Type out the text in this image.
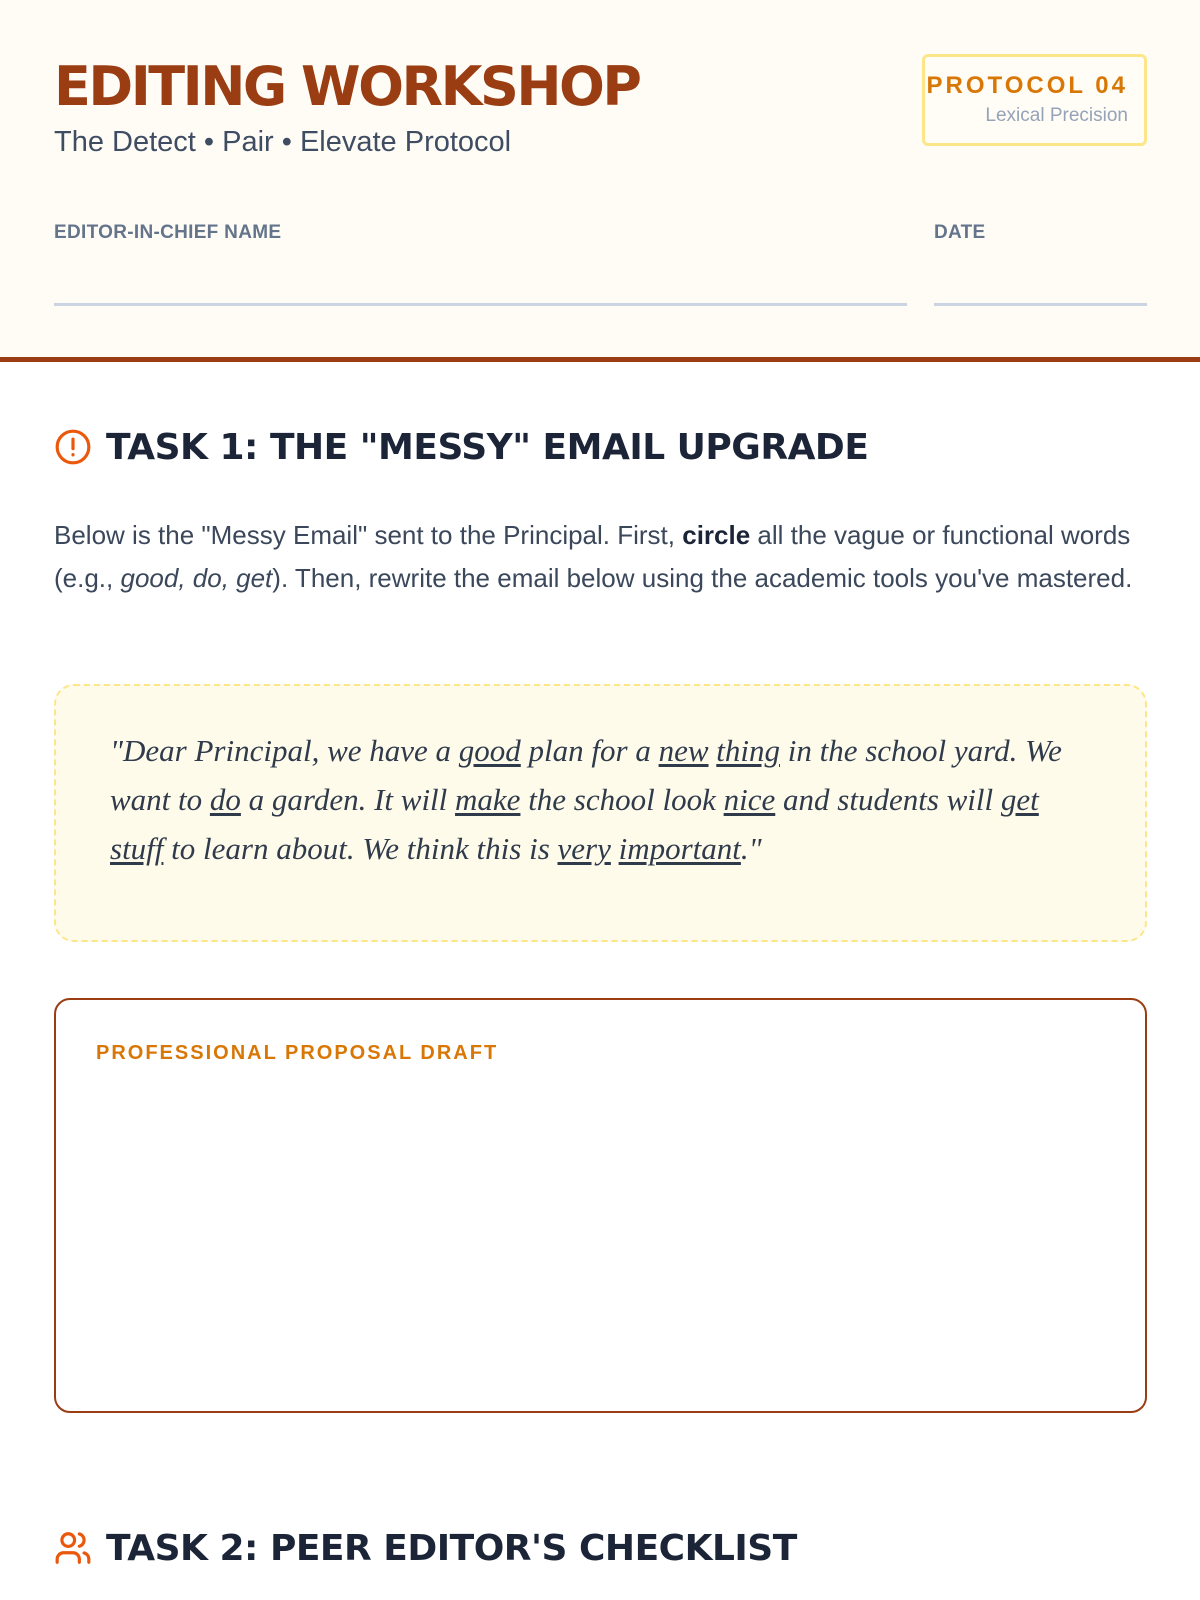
EDITING WORKSHOP
The Detect • Pair • Elevate Protocol
PROTOCOL 04
Lexical Precision
EDITOR-IN-CHIEF NAME	DATE
TASK 1: THE "MESSY" EMAIL UPGRADE
Below is the "Messy Email" sent to the Principal. First, circle all the vague or functional words (e.g., good, do, get). Then, rewrite the email below using the academic tools you've mastered.
"Dear Principal, we have a good plan for a new thing in the school yard. We want to do a garden. It will make the school look nice and students will get stuff to learn about. We think this is very important."
PROFESSIONAL PROPOSAL DRAFT
TASK 2: PEER EDITOR'S CHECKLIST
